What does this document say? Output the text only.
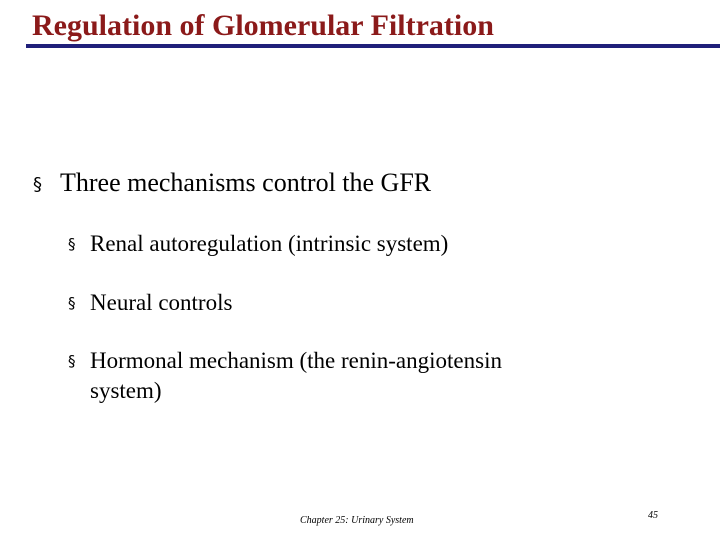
Regulation of Glomerular Filtration
§ Three mechanisms control the GFR
§ Renal autoregulation (intrinsic system)
§ Neural controls
§ Hormonal mechanism (the renin-angiotensin
system)
Chapter 25: Urinary System	45
